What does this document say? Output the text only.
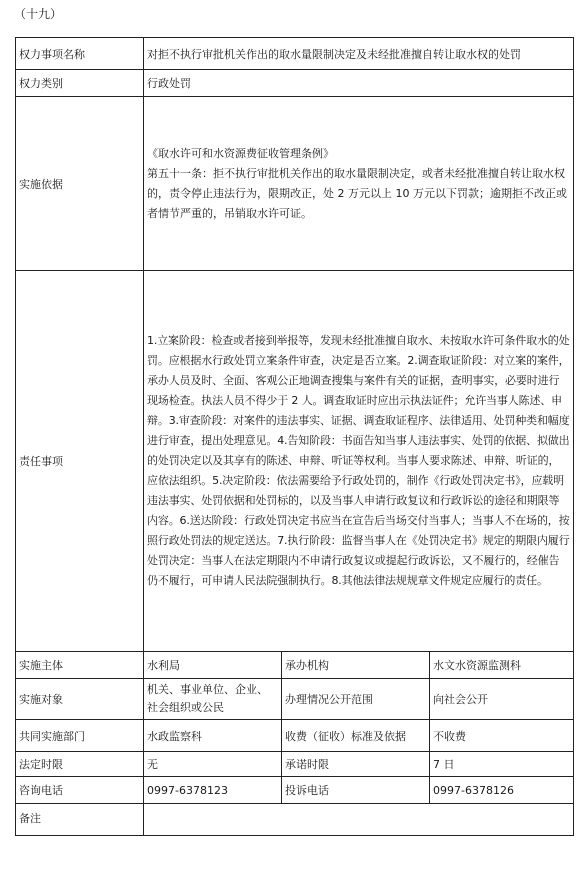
（十九）
权力事项名称	对拒不执行审批机关作出的取水量限制决定及未经批准擅自转让取水权的处罚		
权力类别	行政处罚		
实施依据	《取水许可和水资源费征收管理条例》
第五十一条：拒不执行审批机关作出的取水量限制决定，或者未经批准擅自转让取水权的，责令停止违法行为，限期改正，处 2 万元以上 10 万元以下罚款；逾期拒不改正或者情节严重的，吊销取水许可证。		

责任事项	1.立案阶段：检查或者接到举报等，发现未经批准擅自取水、未按取水许可条件取水的处罚。应根据水行政处罚立案条件审查，决定是否立案。2.调查取证阶段：对立案的案件，承办人员及时、全面、客观公正地调查搜集与案件有关的证据，查明事实，必要时进行现场检查。执法人员不得少于 2 人。调查取证时应出示执法证件；允许当事人陈述、申辩。3.审查阶段：对案件的违法事实、证据、调查取证程序、法律适用、处罚种类和幅度进行审查，提出处理意见。4.告知阶段：书面告知当事人违法事实、处罚的依据、拟做出的处罚决定以及其享有的陈述、申辩、听证等权利。当事人要求陈述、申辩、听证的，应依法组织。5.决定阶段：依法需要给予行政处罚的，制作《行政处罚决定书》，应载明违法事实、处罚依据和处罚标的，以及当事人申请行政复议和行政诉讼的途径和期限等内容。6.送达阶段：行政处罚决定书应当在宣告后当场交付当事人；当事人不在场的，按照行政处罚法的规定送达。7.执行阶段：监督当事人在《处罚决定书》规定的期限内履行处罚决定：当事人在法定期限内不申请行政复议或提起行政诉讼，又不履行的，经催告仍不履行，可申请人民法院强制执行。8.其他法律法规规章文件规定应履行的责任。		
实施主体	水利局	承办机构	水文水资源监测科
实施对象	机关、事业单位、企业、社会组织或公民	办理情况公开范围	向社会公开
共同实施部门	水政监察科	收费（征收）标准及依据	不收费
法定时限	无	承诺时限	7 日
咨询电话	0997-6378123	投诉电话	0997-6378126
备注			
